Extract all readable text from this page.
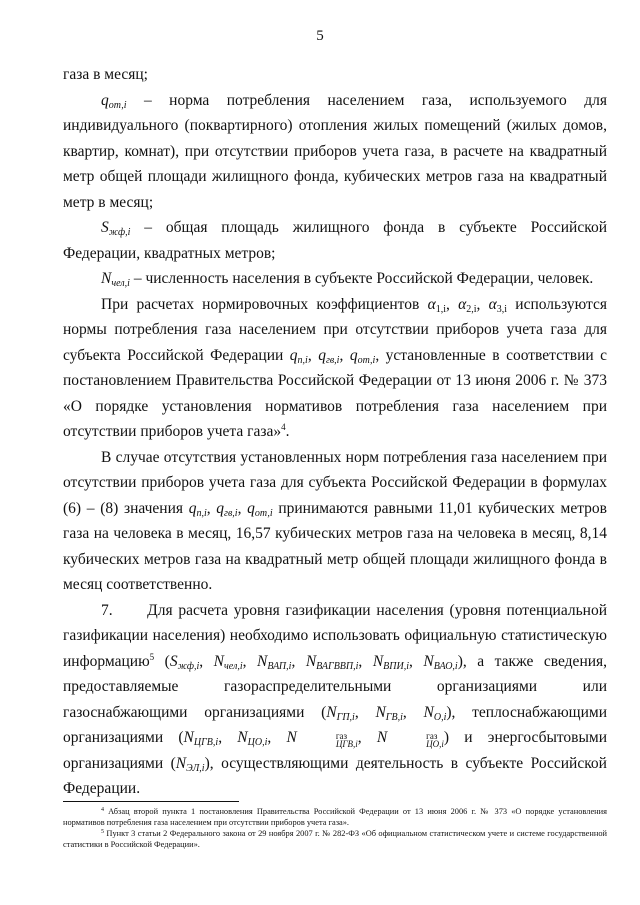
5

газа в месяц;

$q_{от,i}$ – норма потребления населением газа, используемого для индивидуального (поквартирного) отопления жилых помещений (жилых домов, квартир, комнат), при отсутствии приборов учета газа, в расчете на квадратный метр общей площади жилищного фонда, кубических метров газа на квадратный метр в месяц;

$S_{жф,i}$ – общая площадь жилищного фонда в субъекте Российской Федерации, квадратных метров;

$N_{чел,i}$ – численность населения в субъекте Российской Федерации, человек.

При расчетах нормировочных коэффициентов $\alpha_{1,i}$, $\alpha_{2,i}$, $\alpha_{3,i}$ используются нормы потребления газа населением при отсутствии приборов учета газа для субъекта Российской Федерации $q_{п,i}$, $q_{гв,i}$, $q_{от,i}$, установленные в соответствии с постановлением Правительства Российской Федерации от 13 июня 2006 г. № 373 «О порядке установления нормативов потребления газа населением при отсутствии приборов учета газа»$^4$.

В случае отсутствия установленных норм потребления газа населением при отсутствии приборов учета газа для субъекта Российской Федерации в формулах (6) – (8) значения $q_{п,i}$, $q_{гв,i}$, $q_{от,i}$ принимаются равными 11,01 кубических метров газа на человека в месяц, 16,57 кубических метров газа на человека в месяц, 8,14 кубических метров газа на квадратный метр общей площади жилищного фонда в месяц соответственно.

7.      Для расчета уровня газификации населения (уровня потенциальной газификации населения) необходимо использовать официальную статистическую информацию$^5$ ($S_{жф,i}$, $N_{чел,i}$, $N_{ВАП,i}$, $N_{ВАГВВП,i}$, $N_{ВПИ,i}$, $N_{ВАО,i}$), а также сведения, предоставляемые газораспределительными организациями или газоснабжающими организациями ($N_{ГП,i}$, $N_{ГВ,i}$, $N_{О,i}$), теплоснабжающими организациями ($N_{ЦГВ,i}$, $N_{ЦО,i}$, N	газ
ЦГВ,i , N	газ
ЦО,i ) и энергосбытовыми организациями $(N_{ЭЛ,i})$, осуществляющими деятельность в субъекте Российской Федерации.

$^4$ Абзац второй пункта 1 постановления Правительства Российской Федерации от 13 июня 2006 г. № 373 «О порядке установления нормативов потребления газа населением при отсутствии приборов учета газа».

$^5$ Пункт 3 статьи 2 Федерального закона от 29 ноября 2007 г. № 282-ФЗ «Об официальном статистическом учете и системе государственной статистики в Российской Федерации».
